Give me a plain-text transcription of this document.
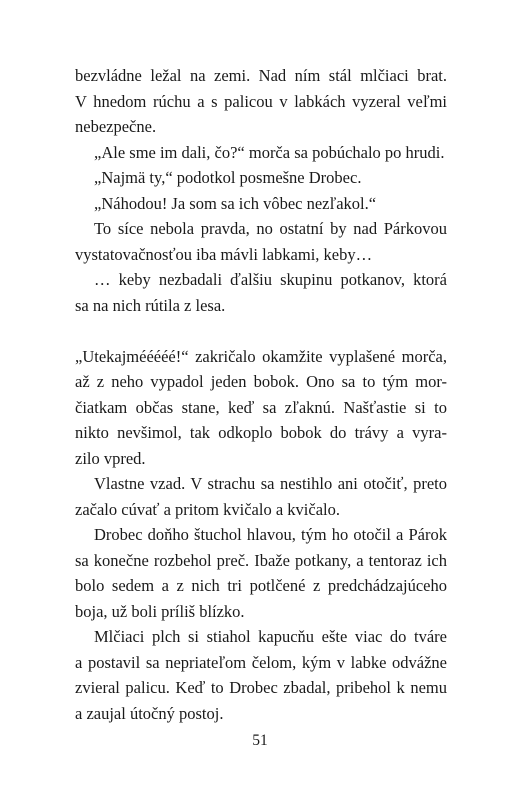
bezvládne ležal na zemi. Nad ním stál mlčiaci brat.

V hnedom rúchu a s palicou v labkách vyzeral veľmi

nebezpečne.

„Ale sme im dali, čo?“ morča sa pobúchalo po hrudi.

„Najmä ty,“ podotkol posmešne Drobec.

„Náhodou! Ja som sa ich vôbec nezľakol.“

To síce nebola pravda, no ostatní by nad Párkovou

vystatovačnosťou iba mávli labkami, keby…

… keby nezbadali ďalšiu skupinu potkanov, ktorá

sa na nich rútila z lesa.

„Utekajmééééé!“ zakričalo okamžite vyplašené morča,

až z neho vypadol jeden bobok. Ono sa to tým mor-

čiatkam občas stane, keď sa zľaknú. Našťastie si to

nikto nevšimol, tak odkoplo bobok do trávy a vyra-

zilo vpred.

Vlastne vzad. V strachu sa nestihlo ani otočiť, preto

začalo cúvať a pritom kvičalo a kvičalo.

Drobec doňho štuchol hlavou, tým ho otočil a Párok

sa konečne rozbehol preč. Ibaže potkany, a tentoraz ich

bolo sedem a z nich tri potlčené z predchádzajúceho

boja, už boli príliš blízko.

Mlčiaci plch si stiahol kapucňu ešte viac do tváre

a postavil sa nepriateľom čelom, kým v labke odvážne

zvieral palicu. Keď to Drobec zbadal, pribehol k nemu

a zaujal útočný postoj.

51
